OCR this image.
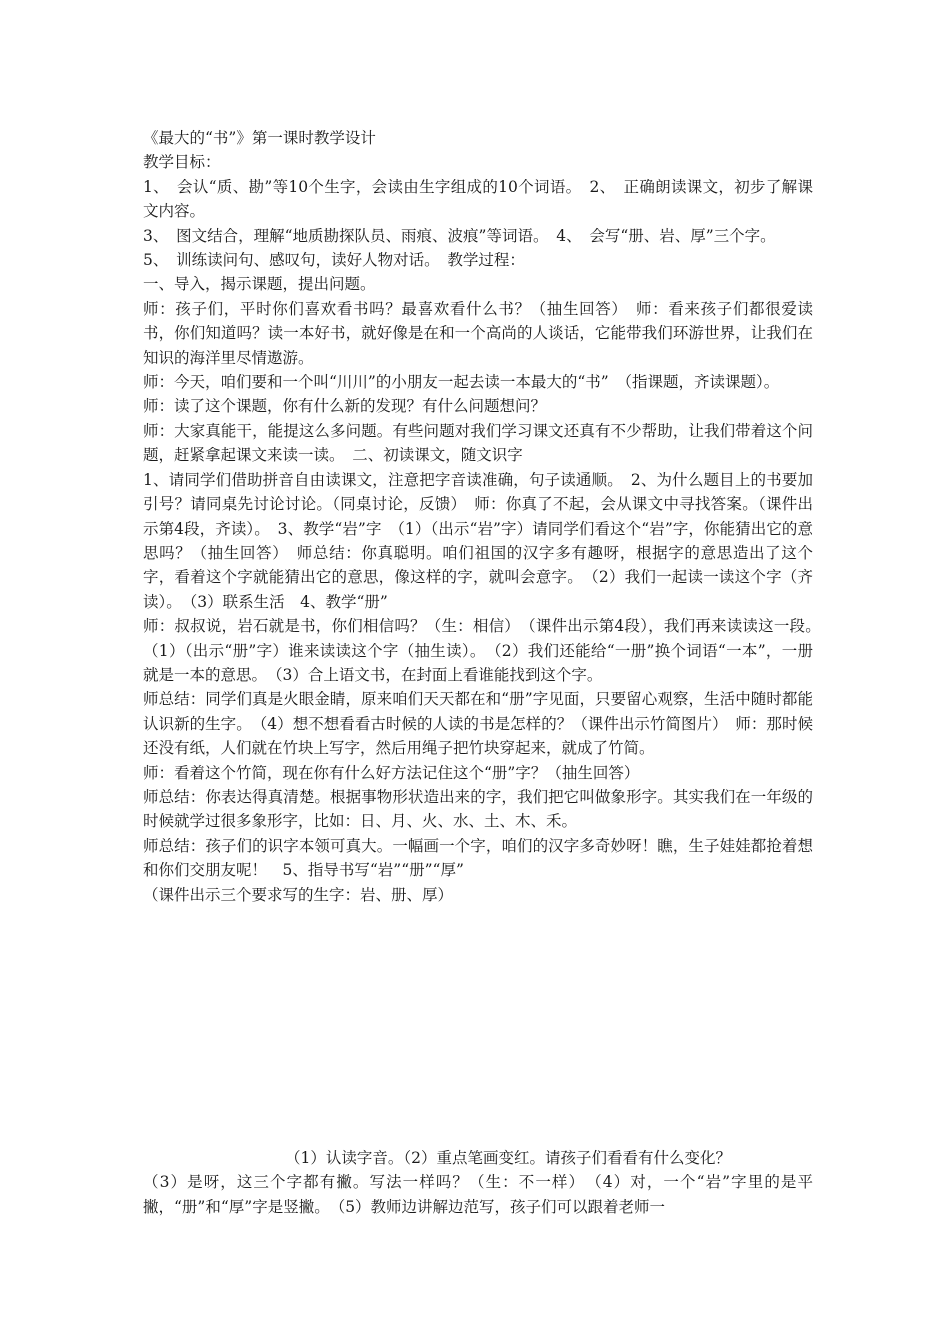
《最大的“书”》第一课时教学设计

教学目标：

1、　会认“质、勘”等10个生字，会读由生字组成的10个词语。　2、　正确朗读课文，初步了解课文内容。

3、　图文结合，理解“地质勘探队员、雨痕、波痕”等词语。　4、　会写“册、岩、厚”三个字。

5、　训练读问句、感叹句，读好人物对话。　教学过程：

一、导入，揭示课题，提出问题。

师：孩子们，平时你们喜欢看书吗？最喜欢看什么书？（抽生回答）　师：看来孩子们都很爱读书，你们知道吗？读一本好书，就好像是在和一个高尚的人谈话，它能带我们环游世界，让我们在知识的海洋里尽情遨游。

师：今天，咱们要和一个叫“川川”的小朋友一起去读一本最大的“书”　（指课题，齐读课题）。

师：读了这个课题，你有什么新的发现？有什么问题想问？

师：大家真能干，能提这么多问题。有些问题对我们学习课文还真有不少帮助，让我们带着这个问题，赶紧拿起课文来读一读。　二、初读课文，随文识字

1、请同学们借助拼音自由读课文，注意把字音读准确，句子读通顺。　2、为什么题目上的书要加引号？请同桌先讨论讨论。（同桌讨论，反馈）　师：你真了不起，会从课文中寻找答案。（课件出示第4段，齐读）。　3、教学“岩”字　（1）（出示“岩”字）请同学们看这个“岩”字，你能猜出它的意思吗？（抽生回答）　师总结：你真聪明。咱们祖国的汉字多有趣呀，根据字的意思造出了这个字，看着这个字就能猜出它的意思，像这样的字，就叫会意字。　（2）我们一起读一读这个字（齐读）。　（3）联系生活　4、教学“册”

师：叔叔说，岩石就是书，你们相信吗？（生：相信）　（课件出示第4段），我们再来读读这一段。　（1）（出示“册”字）谁来读读这个字（抽生读）。　（2）我们还能给“一册”换个词语“一本”，一册就是一本的意思。　（3）合上语文书，在封面上看谁能找到这个字。

师总结：同学们真是火眼金睛，原来咱们天天都在和“册”字见面，只要留心观察，生活中随时都能认识新的生字。　（4）想不想看看古时候的人读的书是怎样的？（课件出示竹简图片）　师：那时候还没有纸，人们就在竹块上写字，然后用绳子把竹块穿起来，就成了竹简。

师：看着这个竹简，现在你有什么好方法记住这个“册”字？（抽生回答）

师总结：你表达得真清楚。根据事物形状造出来的字，我们把它叫做象形字。其实我们在一年级的时候就学过很多象形字，比如：日、月、火、水、土、木、禾。

师总结：孩子们的识字本领可真大。一幅画一个字，咱们的汉字多奇妙呀！瞧，生子娃娃都抢着想和你们交朋友呢！　5、指导书写“岩”“册”“厚”

（课件出示三个要求写的生字：岩、册、厚）

（1）认读字音。（2）重点笔画变红。请孩子们看看有什么变化？

（3）是呀，这三个字都有撇。写法一样吗？（生：不一样）　（4）对，一个“岩”字里的是平撇，“册”和“厚”字是竖撇。　（5）教师边讲解边范写，孩子们可以跟着老师一
